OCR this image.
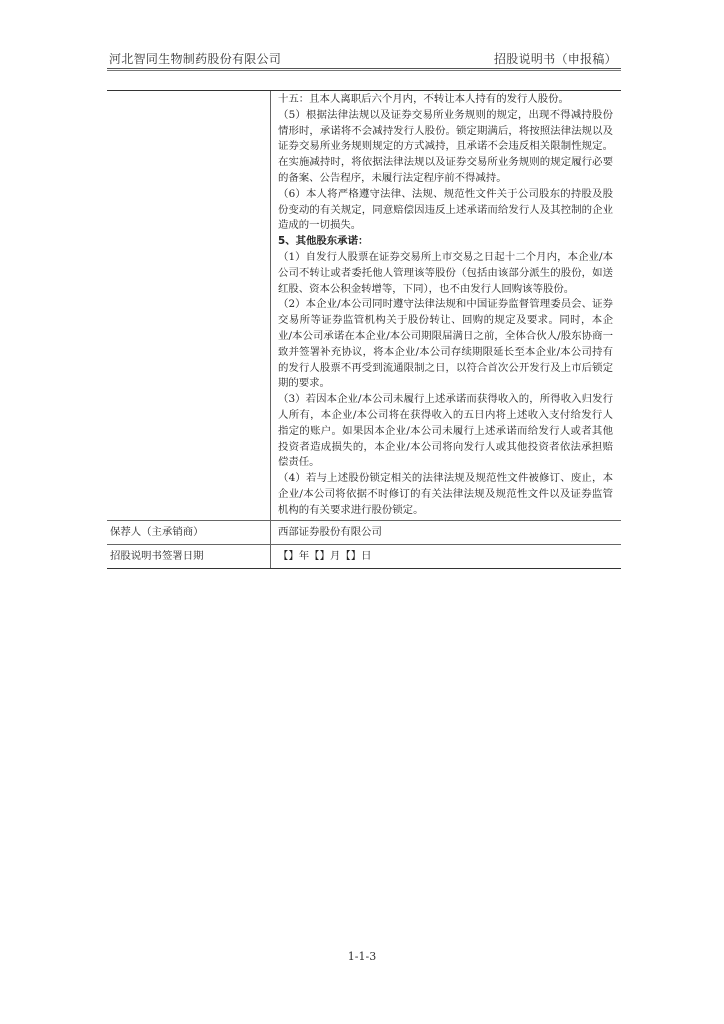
河北智同生物制药股份有限公司	招股说明书（申报稿）

十五：且本人离职后六个月内，不转让本人持有的发行人股份。

（5）根据法律法规以及证券交易所业务规则的规定，出现不得减持股份情形时，承诺将不会减持发行人股份。锁定期满后，将按照法律法规以及证券交易所业务规则规定的方式减持，且承诺不会违反相关限制性规定。在实施减持时，将依据法律法规以及证券交易所业务规则的规定履行必要的备案、公告程序，未履行法定程序前不得减持。

（6）本人将严格遵守法律、法规、规范性文件关于公司股东的持股及股份变动的有关规定，同意赔偿因违反上述承诺而给发行人及其控制的企业造成的一切损失。

5、其他股东承诺：

（1）自发行人股票在证券交易所上市交易之日起十二个月内，本企业/本公司不转让或者委托他人管理该等股份（包括由该部分派生的股份，如送红股、资本公积金转增等，下同），也不由发行人回购该等股份。

（2）本企业/本公司同时遵守法律法规和中国证券监督管理委员会、证券交易所等证券监管机构关于股份转让、回购的规定及要求。同时，本企业/本公司承诺在本企业/本公司期限届满日之前，全体合伙人/股东协商一致并签署补充协议，将本企业/本公司存续期限延长至本企业/本公司持有的发行人股票不再受到流通限制之日，以符合首次公开发行及上市后锁定期的要求。

（3）若因本企业/本公司未履行上述承诺而获得收入的，所得收入归发行人所有，本企业/本公司将在获得收入的五日内将上述收入支付给发行人指定的账户。如果因本企业/本公司未履行上述承诺而给发行人或者其他投资者造成损失的，本企业/本公司将向发行人或其他投资者依法承担赔偿责任。

（4）若与上述股份锁定相关的法律法规及规范性文件被修订、废止，本企业/本公司将依据不时修订的有关法律法规及规范性文件以及证券监管机构的有关要求进行股份锁定。

保荐人（主承销商）	西部证券股份有限公司
招股说明书签署日期	【】年【】月【】日
1-1-3
